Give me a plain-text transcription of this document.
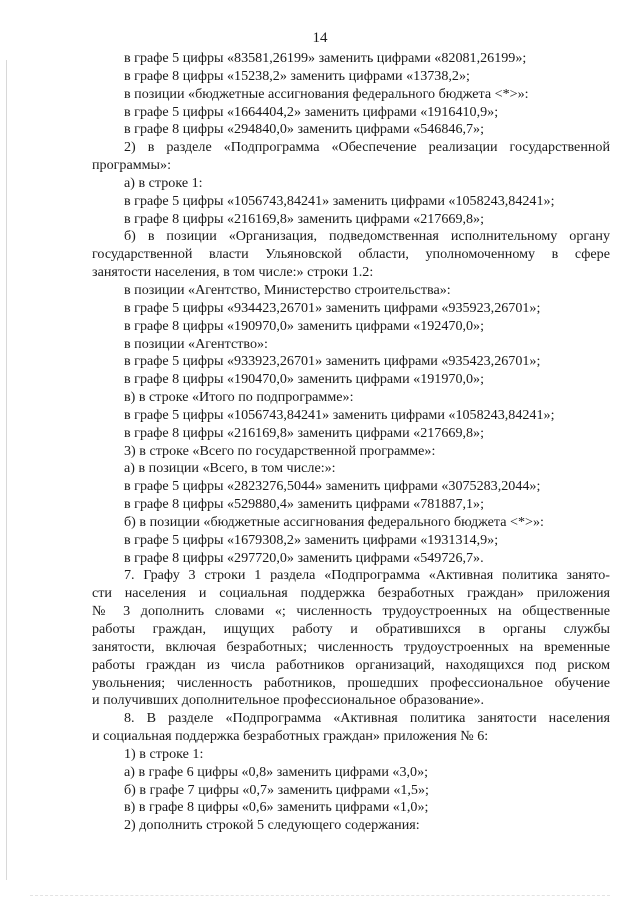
14
в графе 5 цифры «83581,26199» заменить цифрами «82081,26199»;
в графе 8 цифры «15238,2» заменить цифрами «13738,2»;
в позиции «бюджетные ассигнования федерального бюджета <*>»:
в графе 5 цифры «1664404,2» заменить цифрами «1916410,9»;
в графе 8 цифры «294840,0» заменить цифрами «546846,7»;
2) в разделе «Подпрограмма «Обеспечение реализации государственной
программы»:
а) в строке 1:
в графе 5 цифры «1056743,84241» заменить цифрами «1058243,84241»;
в графе 8 цифры «216169,8» заменить цифрами «217669,8»;
б) в позиции «Организация, подведомственная исполнительному органу
государственной власти Ульяновской области, уполномоченному в сфере
занятости населения, в том числе:» строки 1.2:
в позиции «Агентство, Министерство строительства»:
в графе 5 цифры «934423,26701» заменить цифрами «935923,26701»;
в графе 8 цифры «190970,0» заменить цифрами «192470,0»;
в позиции «Агентство»:
в графе 5 цифры «933923,26701» заменить цифрами «935423,26701»;
в графе 8 цифры «190470,0» заменить цифрами «191970,0»;
в) в строке «Итого по подпрограмме»:
в графе 5 цифры «1056743,84241» заменить цифрами «1058243,84241»;
в графе 8 цифры «216169,8» заменить цифрами «217669,8»;
3) в строке «Всего по государственной программе»:
а) в позиции «Всего, в том числе:»:
в графе 5 цифры «2823276,5044» заменить цифрами «3075283,2044»;
в графе 8 цифры «529880,4» заменить цифрами «781887,1»;
б) в позиции «бюджетные ассигнования федерального бюджета <*>»:
в графе 5 цифры «1679308,2» заменить цифрами «1931314,9»;
в графе 8 цифры «297720,0» заменить цифрами «549726,7».
7. Графу 3 строки 1 раздела «Подпрограмма «Активная политика занято-
сти населения и социальная поддержка безработных граждан» приложения
№ 3 дополнить словами «; численность трудоустроенных на общественные
работы граждан, ищущих работу и обратившихся в органы службы
занятости, включая безработных; численность трудоустроенных на временные
работы граждан из числа работников организаций, находящихся под риском
увольнения; численность работников, прошедших профессиональное обучение
и получивших дополнительное профессиональное образование».
8. В разделе «Подпрограмма «Активная политика занятости населения
и социальная поддержка безработных граждан» приложения № 6:
1) в строке 1:
а) в графе 6 цифры «0,8» заменить цифрами «3,0»;
б) в графе 7 цифры «0,7» заменить цифрами «1,5»;
в) в графе 8 цифры «0,6» заменить цифрами «1,0»;
2) дополнить строкой 5 следующего содержания:
